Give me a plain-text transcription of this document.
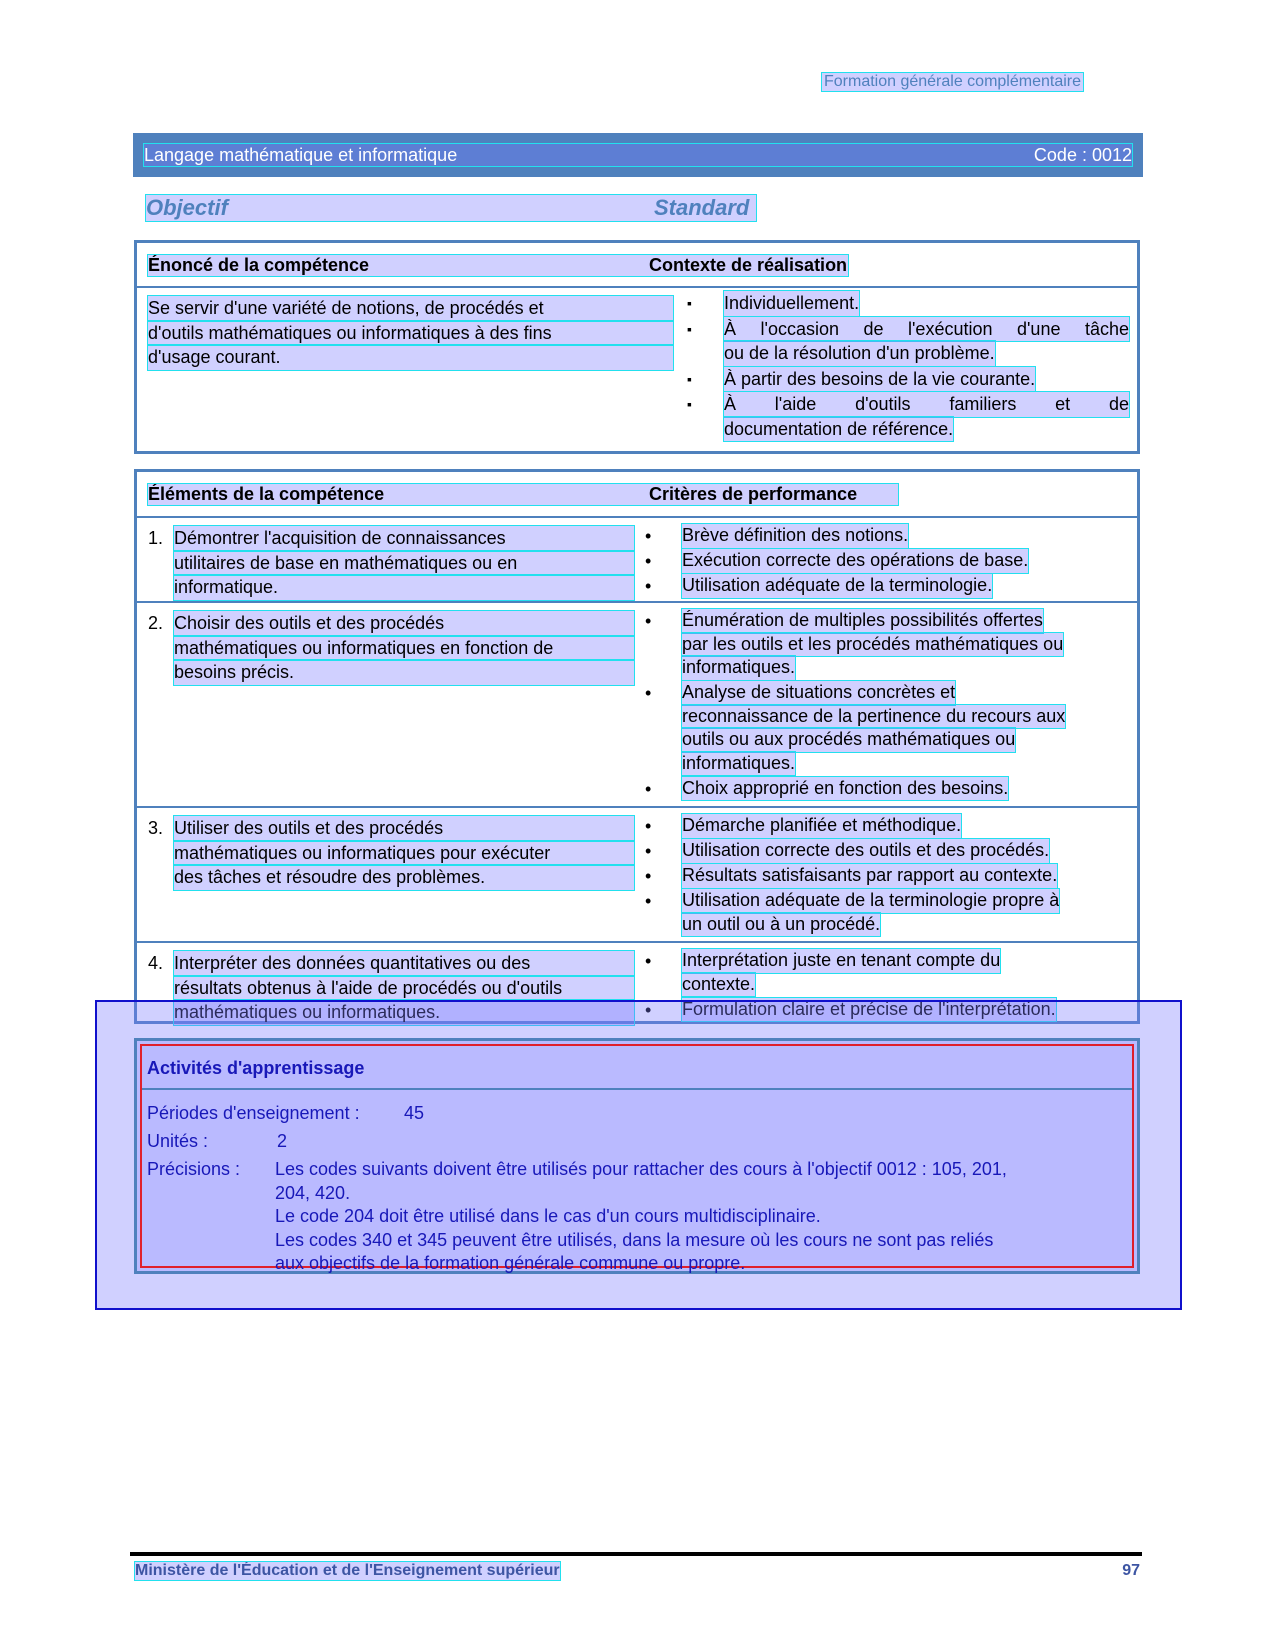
Formation générale complémentaire
Langage mathématique et informatique	Code : 0012
Objectif	Standard
Énoncé de la compétence	Contexte de réalisation
Se servir d'une variété de notions, de procédés et
d'outils mathématiques ou informatiques à des fins
d'usage courant.
▪ Individuellement.
▪ À l'occasion de l'exécution d'une tâche
ou de la résolution d'un problème.
▪ À partir des besoins de la vie courante.
▪ À l'aide d'outils familiers et de
documentation de référence.
Éléments de la compétence	Critères de performance
1. Démontrer l'acquisition de connaissances
utilitaires de base en mathématiques ou en
informatique.
• Brève définition des notions.
• Exécution correcte des opérations de base.
• Utilisation adéquate de la terminologie.
2. Choisir des outils et des procédés
mathématiques ou informatiques en fonction de
besoins précis.
• Énumération de multiples possibilités offertes
par les outils et les procédés mathématiques ou
informatiques.
• Analyse de situations concrètes et
reconnaissance de la pertinence du recours aux
outils ou aux procédés mathématiques ou
informatiques.
• Choix approprié en fonction des besoins.
3. Utiliser des outils et des procédés
mathématiques ou informatiques pour exécuter
des tâches et résoudre des problèmes.
• Démarche planifiée et méthodique.
• Utilisation correcte des outils et des procédés.
• Résultats satisfaisants par rapport au contexte.
• Utilisation adéquate de la terminologie propre à
un outil ou à un procédé.
4. Interpréter des données quantitatives ou des
résultats obtenus à l'aide de procédés ou d'outils
mathématiques ou informatiques.
• Interprétation juste en tenant compte du
contexte.
• Formulation claire et précise de l'interprétation.
Activités d'apprentissage
Périodes d'enseignement : 45
Unités :	2
Précisions : Les codes suivants doivent être utilisés pour rattacher des cours à l'objectif 0012 : 105, 201,
204, 420.
Le code 204 doit être utilisé dans le cas d'un cours multidisciplinaire.
Les codes 340 et 345 peuvent être utilisés, dans la mesure où les cours ne sont pas reliés
aux objectifs de la formation générale commune ou propre.
Ministère de l'Éducation et de l'Enseignement supérieur	97
